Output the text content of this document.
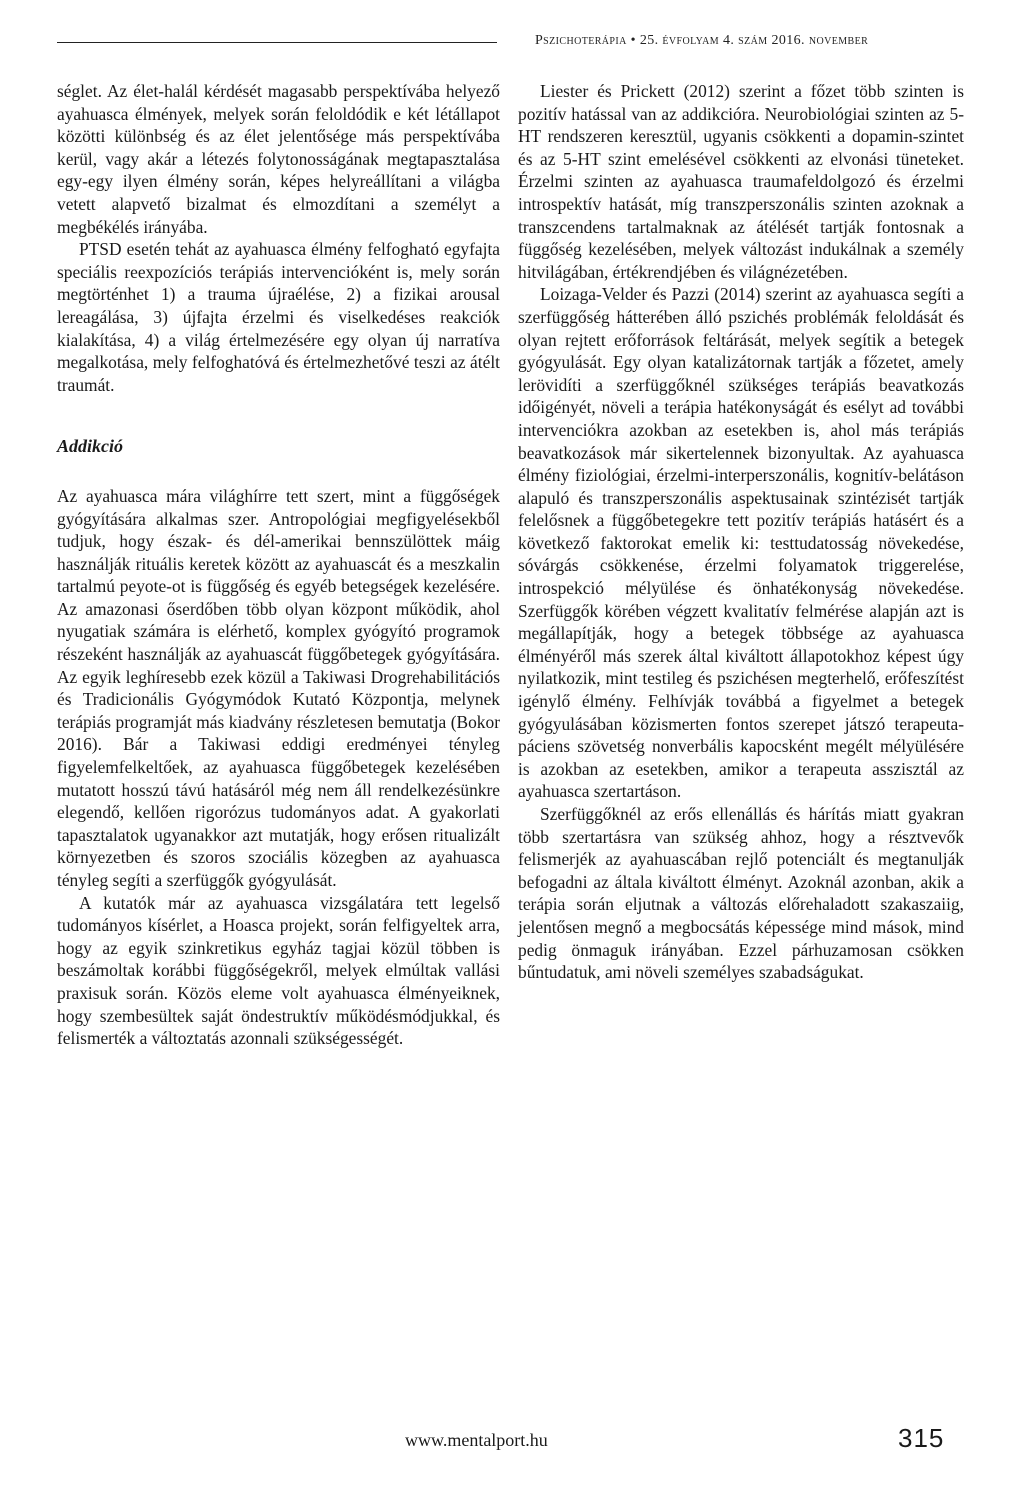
Pszichoterápia • 25. évfolyam 4. szám 2016. november

séglet. Az élet-halál kérdését magasabb perspektívába helyező ayahuasca élmények, melyek során feloldódik e két létállapot közötti különbség és az élet jelentősége más perspektívába kerül, vagy akár a létezés folytonosságának megtapasztalása egy-egy ilyen élmény során, képes helyreállítani a világba vetett alapvető bizalmat és elmozdítani a személyt a megbékélés irányába.

PTSD esetén tehát az ayahuasca élmény felfogható egyfajta speciális reexpozíciós terápiás intervencióként is, mely során megtörténhet 1) a trauma újraélése, 2) a fizikai arousal lereagálása, 3) újfajta érzelmi és viselkedéses reakciók kialakítása, 4) a világ értelmezésére egy olyan új narratíva megalkotása, mely felfoghatóvá és értelmezhetővé teszi az átélt traumát.

Addikció

Az ayahuasca mára világhírre tett szert, mint a függőségek gyógyítására alkalmas szer. Antropológiai megfigyelésekből tudjuk, hogy észak- és dél-amerikai bennszülöttek máig használják rituális keretek között az ayahuascát és a meszkalin tartalmú peyote-ot is függőség és egyéb betegségek kezelésére. Az amazonasi őserdőben több olyan központ működik, ahol nyugatiak számára is elérhető, komplex gyógyító programok részeként használják az ayahuascát függőbetegek gyógyítására. Az egyik leghíresebb ezek közül a Takiwasi Drogrehabilitációs és Tradicionális Gyógymódok Kutató Központja, melynek terápiás programját más kiadvány részletesen bemutatja (Bokor 2016). Bár a Takiwasi eddigi eredményei tényleg figyelemfelkeltőek, az ayahuasca függőbetegek kezelésében mutatott hosszú távú hatásáról még nem áll rendelkezésünkre elegendő, kellően rigorózus tudományos adat. A gyakorlati tapasztalatok ugyanakkor azt mutatják, hogy erősen ritualizált környezetben és szoros szociális közegben az ayahuasca tényleg segíti a szerfüggők gyógyulását.

A kutatók már az ayahuasca vizsgálatára tett legelső tudományos kísérlet, a Hoasca projekt, során felfigyeltek arra, hogy az egyik szinkretikus egyház tagjai közül többen is beszámoltak korábbi függőségekről, melyek elmúltak vallási praxisuk során. Közös eleme volt ayahuasca élményeiknek, hogy szembesültek saját öndestruktív működésmódjukkal, és felismerték a változtatás azonnali szükségességét.

Liester és Prickett (2012) szerint a főzet több szinten is pozitív hatással van az addikcióra. Neurobiológiai szinten az 5-HT rendszeren keresztül, ugyanis csökkenti a dopamin-szintet és az 5-HT szint emelésével csökkenti az elvonási tüneteket. Érzelmi szinten az ayahuasca traumafeldolgozó és érzelmi introspektív hatását, míg transzperszonális szinten azoknak a transzcendens tartalmaknak az átélését tartják fontosnak a függőség kezelésében, melyek változást indukálnak a személy hitvilágában, értékrendjében és világnézetében.

Loizaga-Velder és Pazzi (2014) szerint az ayahuasca segíti a szerfüggőség hátterében álló pszichés problémák feloldását és olyan rejtett erőforrások feltárását, melyek segítik a betegek gyógyulását. Egy olyan katalizátornak tartják a főzetet, amely lerövidíti a szerfüggőknél szükséges terápiás beavatkozás időigényét, növeli a terápia hatékonyságát és esélyt ad további intervenciókra azokban az esetekben is, ahol más terápiás beavatkozások már sikertelennek bizonyultak. Az ayahuasca élmény fiziológiai, érzelmi-interperszonális, kognitív-belátáson alapuló és transzperszonális aspektusainak szintézisét tartják felelősnek a függőbetegekre tett pozitív terápiás hatásért és a következő faktorokat emelik ki: testtudatosság növekedése, sóvárgás csökkenése, érzelmi folyamatok triggerelése, introspekció mélyülése és önhatékonyság növekedése. Szerfüggők körében végzett kvalitatív felmérése alapján azt is megállapítják, hogy a betegek többsége az ayahuasca élményéről más szerek által kiváltott állapotokhoz képest úgy nyilatkozik, mint testileg és pszichésen megterhelő, erőfeszítést igénylő élmény. Felhívják továbbá a figyelmet a betegek gyógyulásában közismerten fontos szerepet játszó terapeuta-páciens szövetség nonverbális kapocsként megélt mélyülésére is azokban az esetekben, amikor a terapeuta asszisztál az ayahuasca szertartáson.

Szerfüggőknél az erős ellenállás és hárítás miatt gyakran több szertartásra van szükség ahhoz, hogy a résztvevők felismerjék az ayahuascában rejlő potenciált és megtanulják befogadni az általa kiváltott élményt. Azoknál azonban, akik a terápia során eljutnak a változás előrehaladott szakaszaiig, jelentősen megnő a megbocsátás képessége mind mások, mind pedig önmaguk irányában. Ezzel párhuzamosan csökken bűntudatuk, ami növeli személyes szabadságukat.

www.mentalport.hu	315
